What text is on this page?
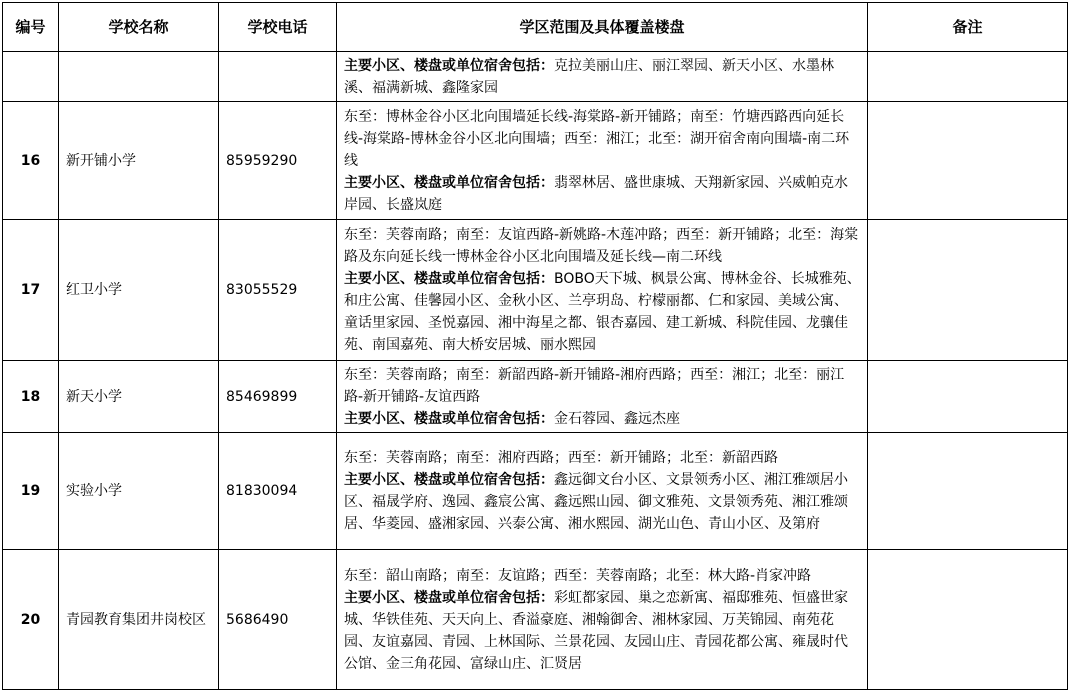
编号	学校名称	学校电话	学区范围及具体覆盖楼盘	备注

			主要小区、楼盘或单位宿舍包括：克拉美丽山庄、丽江翠园、新天小区、水墨林溪、福满新城、鑫隆家园	

16	新开铺小学	85959290	东至：博林金谷小区北向围墙延长线-海棠路-新开铺路；南至：竹塘西路西向延长线-海棠路-博林金谷小区北向围墙；西至：湘江；北至：湖开宿舍南向围墙-南二环线

主要小区、楼盘或单位宿舍包括：翡翠林居、盛世康城、天翔新家园、兴威帕克水岸园、长盛岚庭	

17	红卫小学	83055529	东至：芙蓉南路；南至：友谊西路-新姚路-木莲冲路；西至：新开铺路；北至：海棠路及东向延长线一博林金谷小区北向围墙及延长线—南二环线

主要小区、楼盘或单位宿舍包括：BOBO天下城、枫景公寓、博林金谷、长城雅苑、和庄公寓、佳馨园小区、金秋小区、兰亭玥岛、柠檬丽都、仁和家园、美域公寓、童话里家园、圣悦嘉园、湘中海星之都、银杏嘉园、建工新城、科院佳园、龙骧佳苑、南国嘉苑、南大桥安居城、丽水熙园	

18	新天小学	85469899	东至：芙蓉南路；南至：新韶西路-新开铺路-湘府西路；西至：湘江；北至：丽江路-新开铺路-友谊西路

主要小区、楼盘或单位宿舍包括：金石蓉园、鑫远杰座	

19	实验小学	81830094	东至：芙蓉南路；南至：湘府西路；西至：新开铺路；北至：新韶西路

主要小区、楼盘或单位宿舍包括：鑫远御文台小区、文景领秀小区、湘江雅颂居小区、福晟学府、逸园、鑫宸公寓、鑫远熙山园、御文雅苑、文景领秀苑、湘江雅颂居、华菱园、盛湘家园、兴泰公寓、湘水熙园、湖光山色、青山小区、及第府	

20	青园教育集团井岗校区	5686490	东至：韶山南路；南至：友谊路；西至：芙蓉南路；北至：林大路-肖家冲路

主要小区、楼盘或单位宿舍包括：彩虹都家园、巢之恋新寓、福邸雅苑、恒盛世家城、华铁佳苑、天天向上、香溢豪庭、湘翰御舍、湘林家园、万芙锦园、南苑花园、友谊嘉园、青园、上林国际、兰景花园、友园山庄、青园花都公寓、雍晟时代公馆、金三角花园、富绿山庄、汇贤居	
